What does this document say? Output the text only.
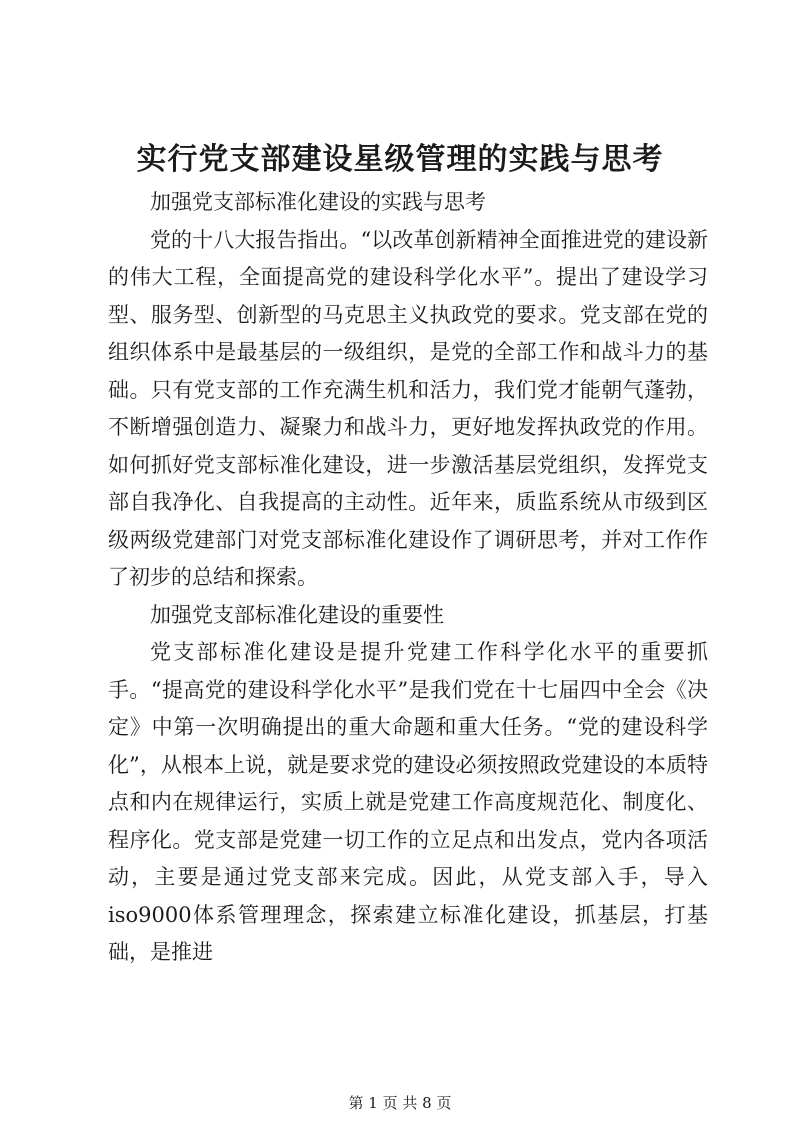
实行党支部建设星级管理的实践与思考

加强党支部标准化建设的实践与思考

党的十八大报告指出。“以改革创新精神全面推进党的建设新的伟大工程，全面提高党的建设科学化水平”。提出了建设学习型、服务型、创新型的马克思主义执政党的要求。党支部在党的组织体系中是最基层的一级组织，是党的全部工作和战斗力的基础。只有党支部的工作充满生机和活力，我们党才能朝气蓬勃，不断增强创造力、凝聚力和战斗力，更好地发挥执政党的作用。如何抓好党支部标准化建设，进一步激活基层党组织，发挥党支部自我净化、自我提高的主动性。近年来，质监系统从市级到区级两级党建部门对党支部标准化建设作了调研思考，并对工作作了初步的总结和探索。

加强党支部标准化建设的重要性

党支部标准化建设是提升党建工作科学化水平的重要抓手。“提高党的建设科学化水平”是我们党在十七届四中全会《决定》中第一次明确提出的重大命题和重大任务。“党的建设科学化”，从根本上说，就是要求党的建设必须按照政党建设的本质特点和内在规律运行，实质上就是党建工作高度规范化、制度化、程序化。党支部是党建一切工作的立足点和出发点，党内各项活动，主要是通过党支部来完成。因此，从党支部入手，导入iso9000体系管理理念，探索建立标准化建设，抓基层，打基础，是推进

第 1 页 共 8 页
